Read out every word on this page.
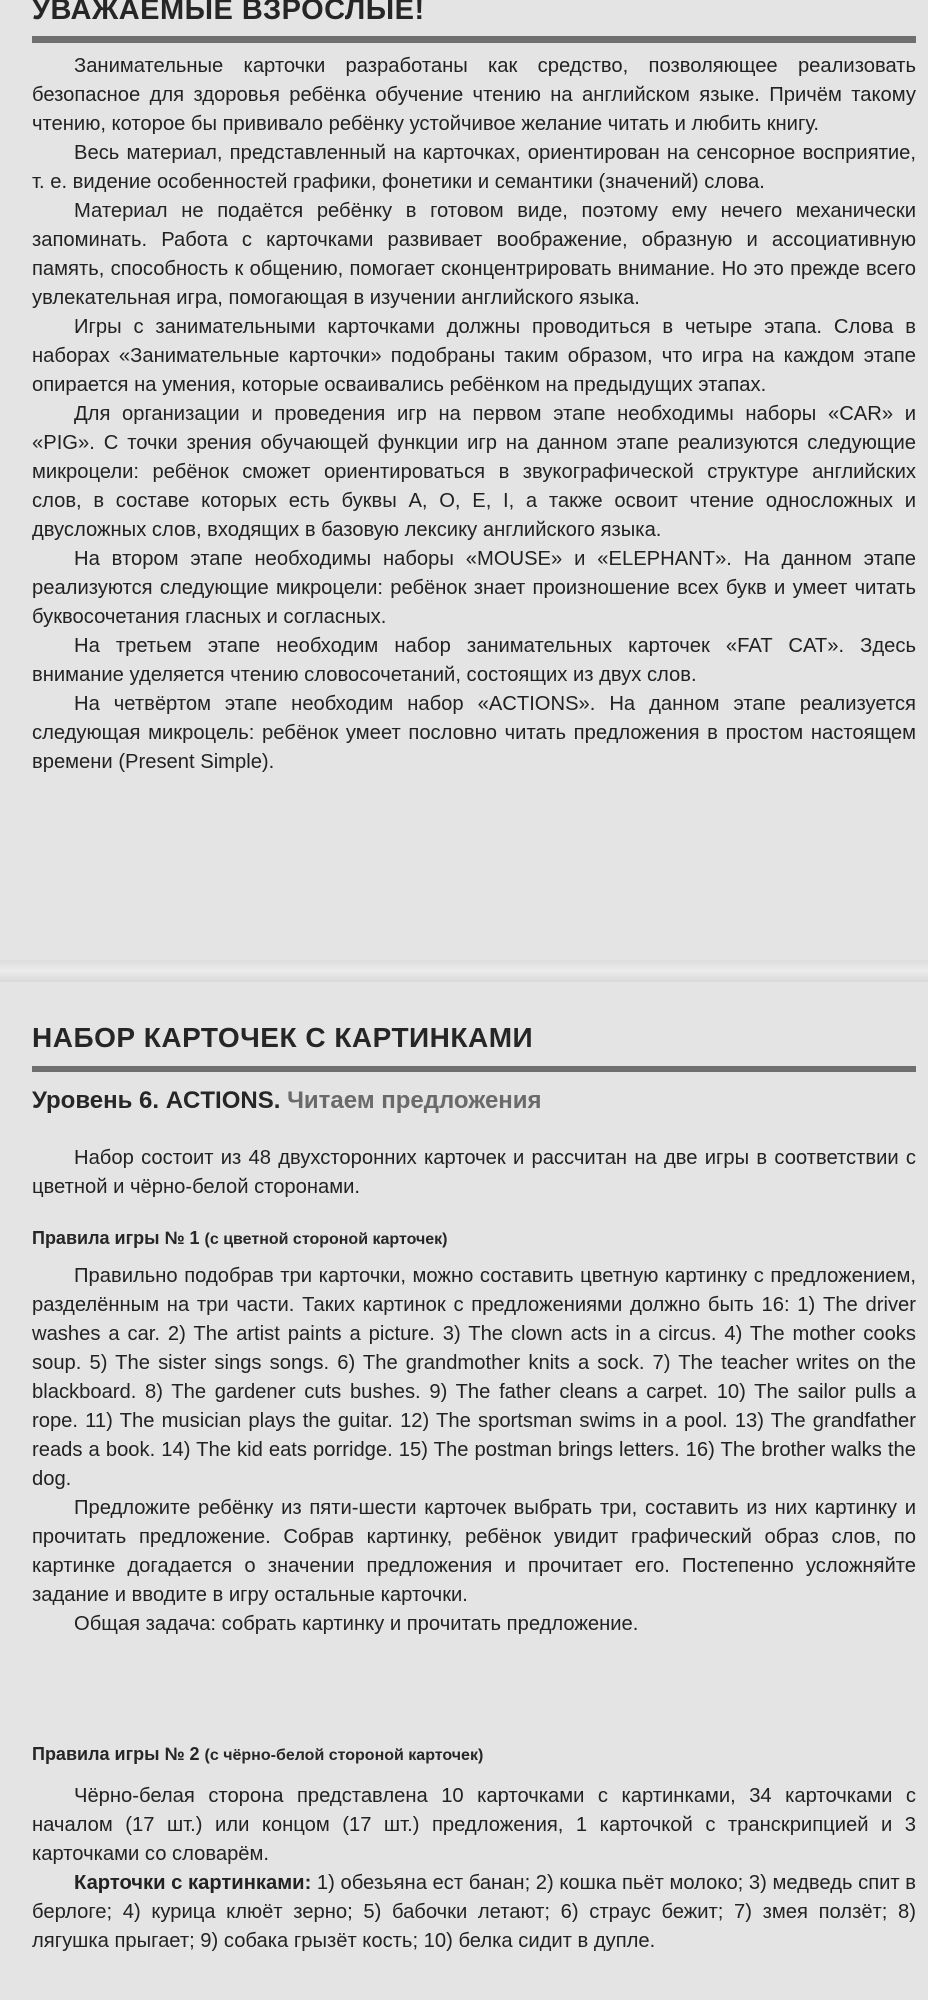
УВАЖАЕМЫЕ ВЗРОСЛЫЕ!

Занимательные карточки разработаны как средство, позволяющее реализовать безопасное для здоровья ребёнка обучение чтению на английском языке. Причём такому чтению, которое бы прививало ребёнку устойчивое желание читать и любить книгу.

Весь материал, представленный на карточках, ориентирован на сенсорное восприятие, т. е. видение особенностей графики, фонетики и семантики (значений) слова.

Материал не подаётся ребёнку в готовом виде, поэтому ему нечего механически запоминать. Работа с карточками развивает воображение, образную и ассоциативную память, способность к общению, помогает сконцентрировать внимание. Но это прежде всего увлекательная игра, помогающая в изучении английского языка.

Игры с занимательными карточками должны проводиться в четыре этапа. Слова в наборах «Занимательные карточки» подобраны таким образом, что игра на каждом этапе опирается на умения, которые осваивались ребёнком на предыдущих этапах.

Для организации и проведения игр на первом этапе необходимы наборы «CAR» и «PIG». С точки зрения обучающей функции игр на данном этапе реализуются следующие микроцели: ребёнок сможет ориентироваться в звукографической структуре английских слов, в составе которых есть буквы A, O, E, I, а также освоит чтение односложных и двусложных слов, входящих в базовую лексику английского языка.

На втором этапе необходимы наборы «MOUSE» и «ELEPHANT». На данном этапе реализуются следующие микроцели: ребёнок знает произношение всех букв и умеет читать буквосочетания гласных и согласных.

На третьем этапе необходим набор занимательных карточек «FAT CAT». Здесь внимание уделяется чтению словосочетаний, состоящих из двух слов.

На четвёртом этапе необходим набор «ACTIONS». На данном этапе реализуется следующая микроцель: ребёнок умеет пословно читать предложения в простом настоящем времени (Present Simple).

НАБОР КАРТОЧЕК С КАРТИНКАМИ
Уровень 6. ACTIONS. Читаем предложения

Набор состоит из 48 двухсторонних карточек и рассчитан на две игры в соответствии с цветной и чёрно-белой сторонами.

Правила игры № 1 (с цветной стороной карточек)

Правильно подобрав три карточки, можно составить цветную картинку с предложением, разделённым на три части. Таких картинок с предложениями должно быть 16: 1) The driver washes a car. 2) The artist paints a picture. 3) The clown acts in a circus. 4) The mother cooks soup. 5) The sister sings songs. 6) The grandmother knits a sock. 7) The teacher writes on the blackboard. 8) The gardener cuts bushes. 9) The father cleans a carpet. 10) The sailor pulls a rope. 11) The musician plays the guitar. 12) The sportsman swims in a pool. 13) The grandfather reads a book. 14) The kid eats porridge. 15) The postman brings letters. 16) The brother walks the dog.

Предложите ребёнку из пяти-шести карточек выбрать три, составить из них картинку и прочитать предложение. Собрав картинку, ребёнок увидит графический образ слов, по картинке догадается о значении предложения и прочитает его. Постепенно усложняйте задание и вводите в игру остальные карточки.

Общая задача: собрать картинку и прочитать предложение.

Правила игры № 2 (с чёрно-белой стороной карточек)

Чёрно-белая сторона представлена 10 карточками с картинками, 34 карточками с началом (17 шт.) или концом (17 шт.) предложения, 1 карточкой с транскрипцией и 3 карточками со словарём.

Карточки с картинками: 1) обезьяна ест банан; 2) кошка пьёт молоко; 3) медведь спит в берлоге; 4) курица клюёт зерно; 5) бабочки летают; 6) страус бежит; 7) змея ползёт; 8) лягушка прыгает; 9) собака грызёт кость; 10) белка сидит в дупле.
